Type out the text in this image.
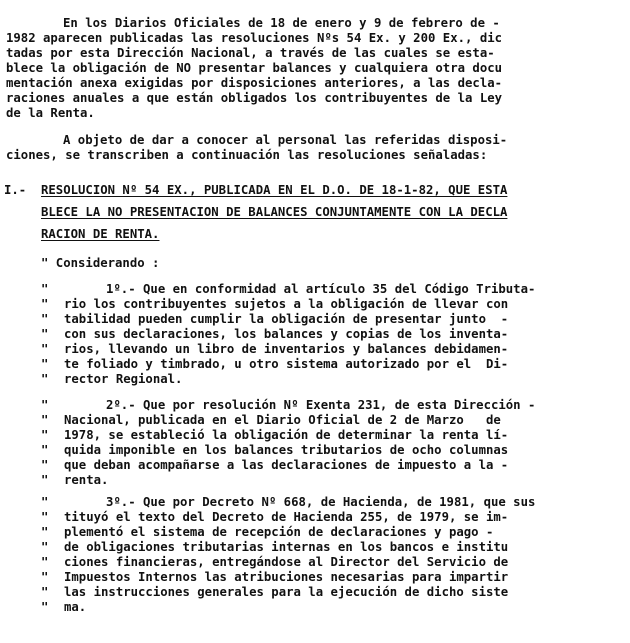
En los Diarios Oficiales de 18 de enero y 9 de febrero de -
1982 aparecen publicadas las resoluciones Nºs 54 Ex. y 200 Ex., dic
tadas por esta Dirección Nacional, a través de las cuales se esta-
blece la obligación de NO presentar balances y cualquiera otra docu
mentación anexa exigidas por disposiciones anteriores, a las decla-
raciones anuales a que están obligados los contribuyentes de la Ley
de la Renta.
A objeto de dar a conocer al personal las referidas disposi-
ciones, se transcriben a continuación las resoluciones señaladas:
I.- RESOLUCION Nº 54 EX., PUBLICADA EN EL D.O. DE 18-1-82, QUE ESTA
BLECE LA NO PRESENTACION DE BALANCES CONJUNTAMENTE CON LA DECLA
RACION DE RENTA.
" Considerando :
"	1º.- Que en conformidad al artículo 35 del Código Tributa-
" rio los contribuyentes sujetos a la obligación de llevar con
" tabilidad pueden cumplir la obligación de presentar junto  -
" con sus declaraciones, los balances y copias de los inventa-
" rios, llevando un libro de inventarios y balances debidamen-
" te foliado y timbrado, u otro sistema autorizado por el  Di-
" rector Regional.
"	2º.- Que por resolución Nº Exenta 231, de esta Dirección -
" Nacional, publicada en el Diario Oficial de 2 de Marzo   de
" 1978, se estableció la obligación de determinar la renta lí-
" quida imponible en los balances tributarios de ocho columnas
" que deban acompañarse a las declaraciones de impuesto a la -
" renta.
"	3º.- Que por Decreto Nº 668, de Hacienda, de 1981, que sus
" tituyó el texto del Decreto de Hacienda 255, de 1979, se im-
" plementó el sistema de recepción de declaraciones y pago -
" de obligaciones tributarias internas en los bancos e institu
" ciones financieras, entregándose al Director del Servicio de
" Impuestos Internos las atribuciones necesarias para impartir
" las instrucciones generales para la ejecución de dicho siste
" ma.
